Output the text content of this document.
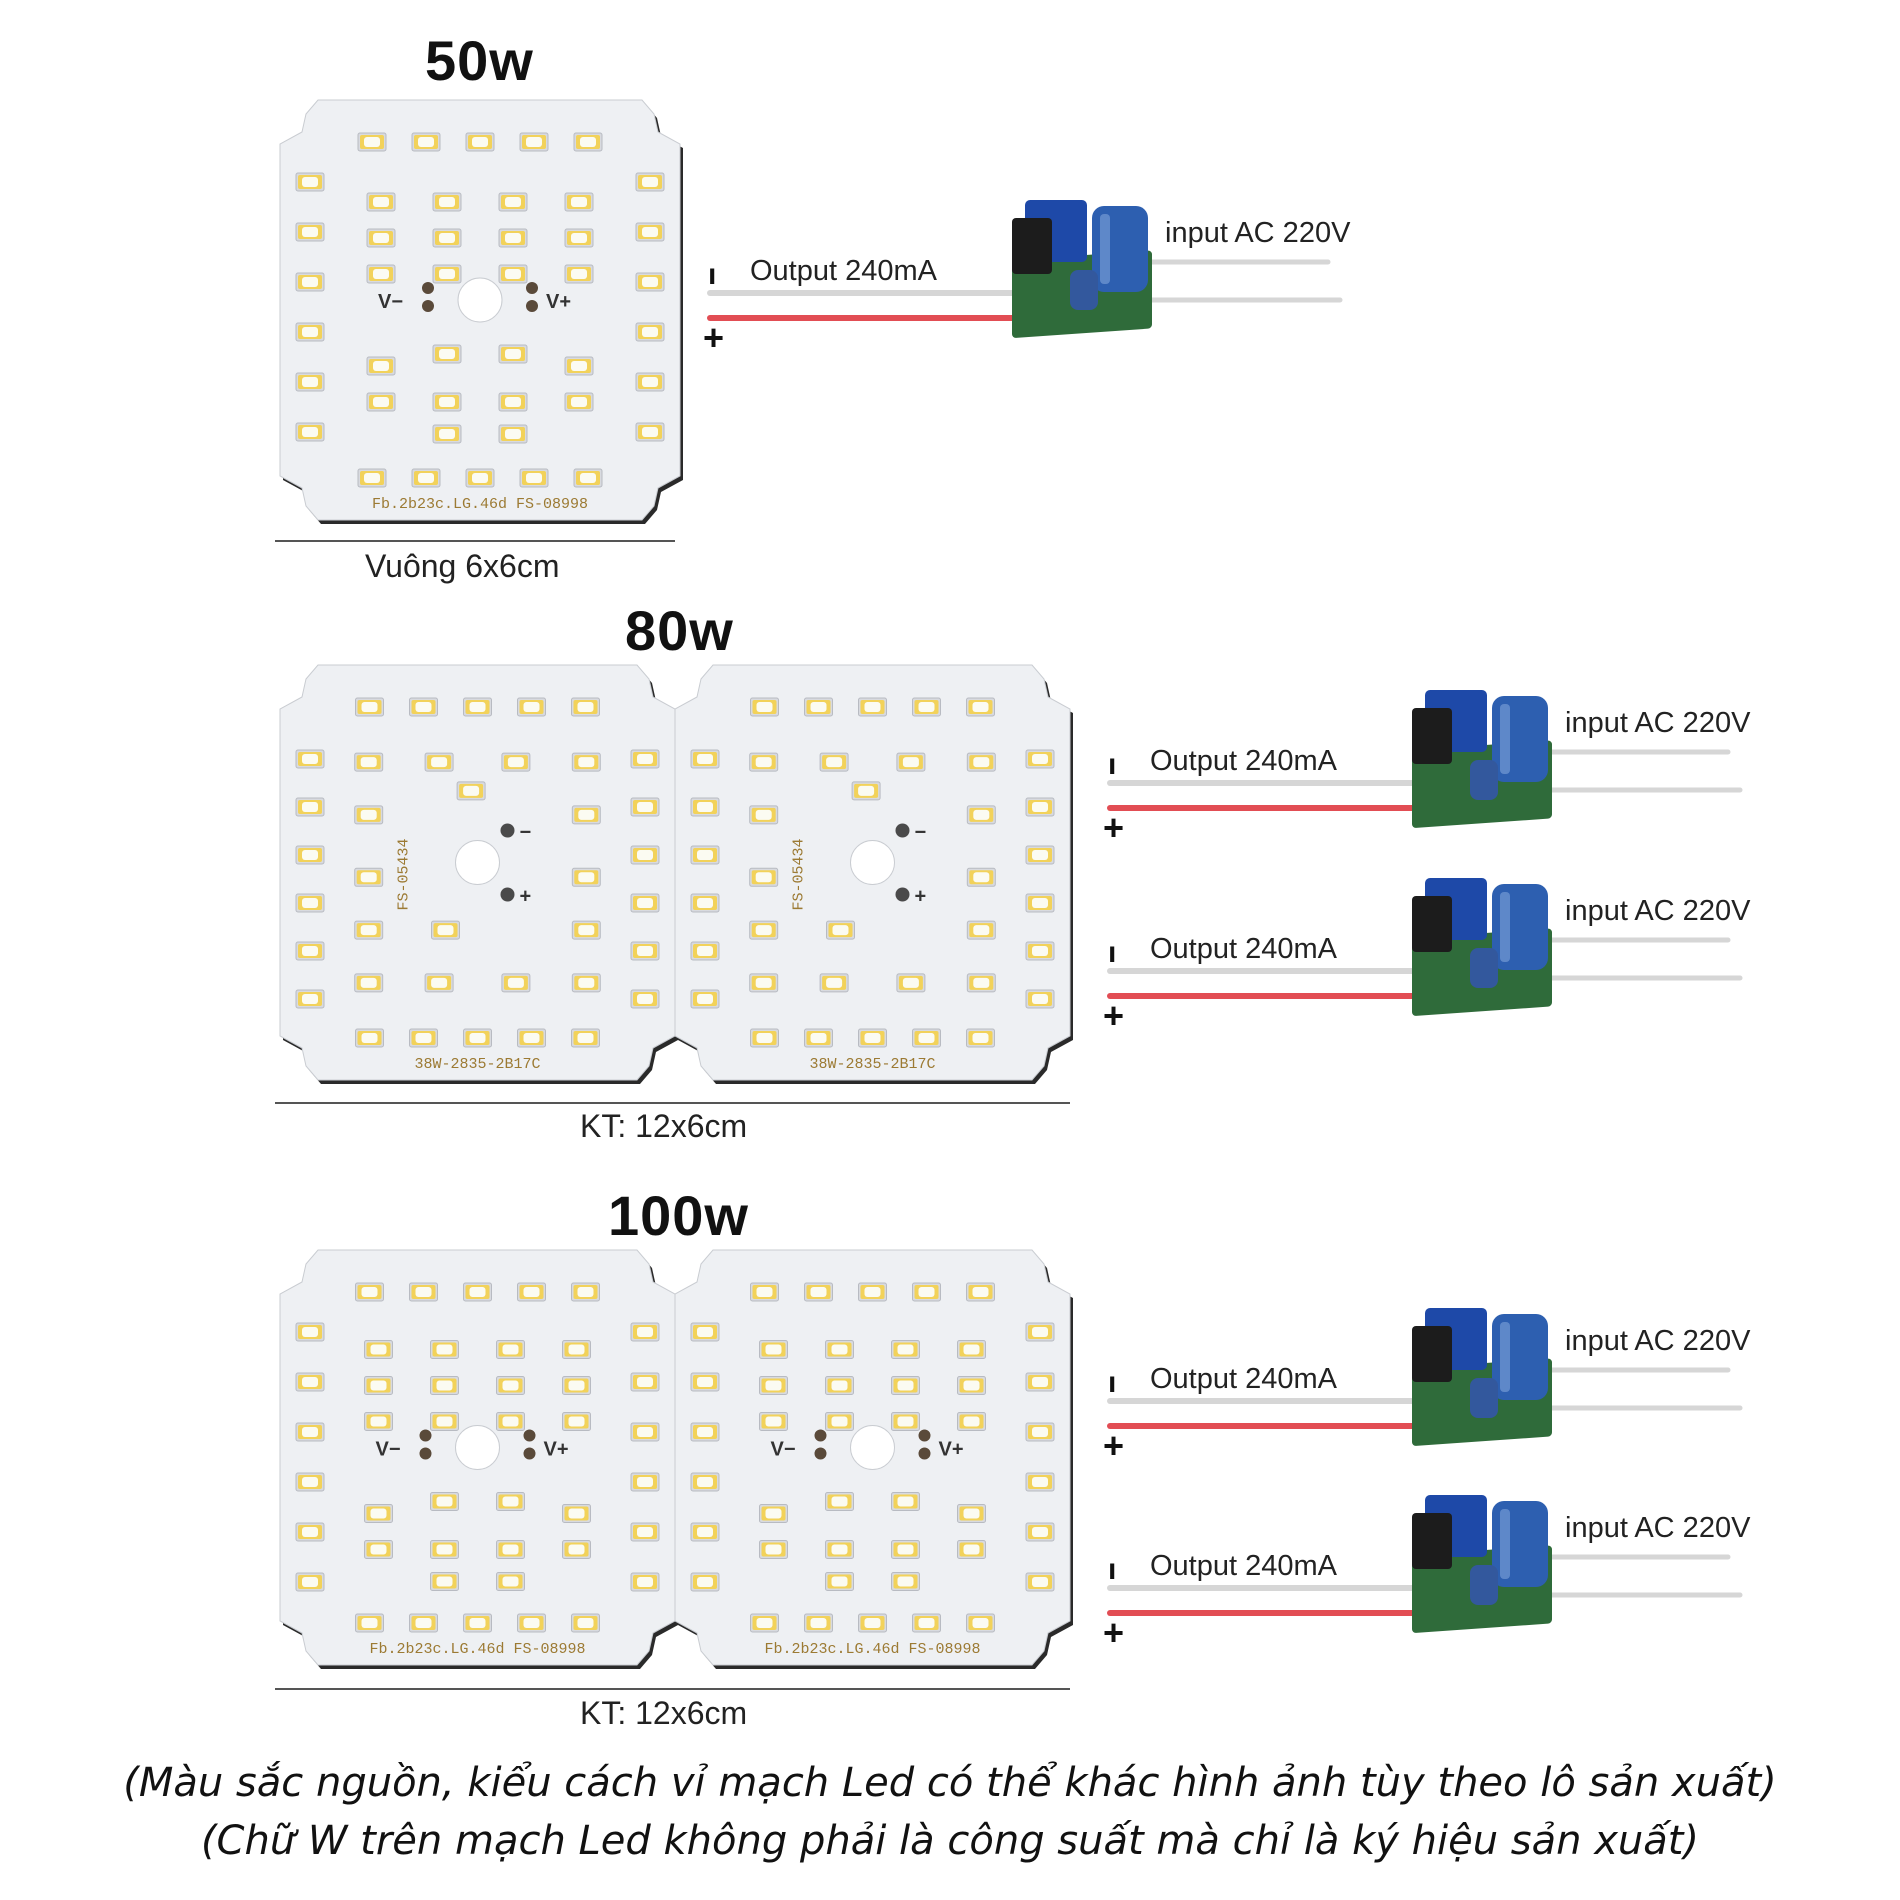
50w
V−	V+
Fb.2b23c.LG.46d FS-08998
Vuông 6x6cm
ı
+
Output 240mA
input AC 220V
80w
−
+
FS-05434
38W-2835-2B17C
−
+
FS-05434
38W-2835-2B17C
KT: 12x6cm
ı
+
Output 240mA
input AC 220V
ı
+
Output 240mA
input AC 220V
100w
V−	V+
Fb.2b23c.LG.46d FS-08998
V−	V+
Fb.2b23c.LG.46d FS-08998
KT: 12x6cm
ı
+
Output 240mA
input AC 220V
ı
+
Output 240mA
input AC 220V
(Màu sắc nguồn, kiểu cách vỉ mạch Led có thể khác hình ảnh tùy theo lô sản xuất)
(Chữ W trên mạch Led không phải là công suất mà chỉ là ký hiệu sản xuất)
